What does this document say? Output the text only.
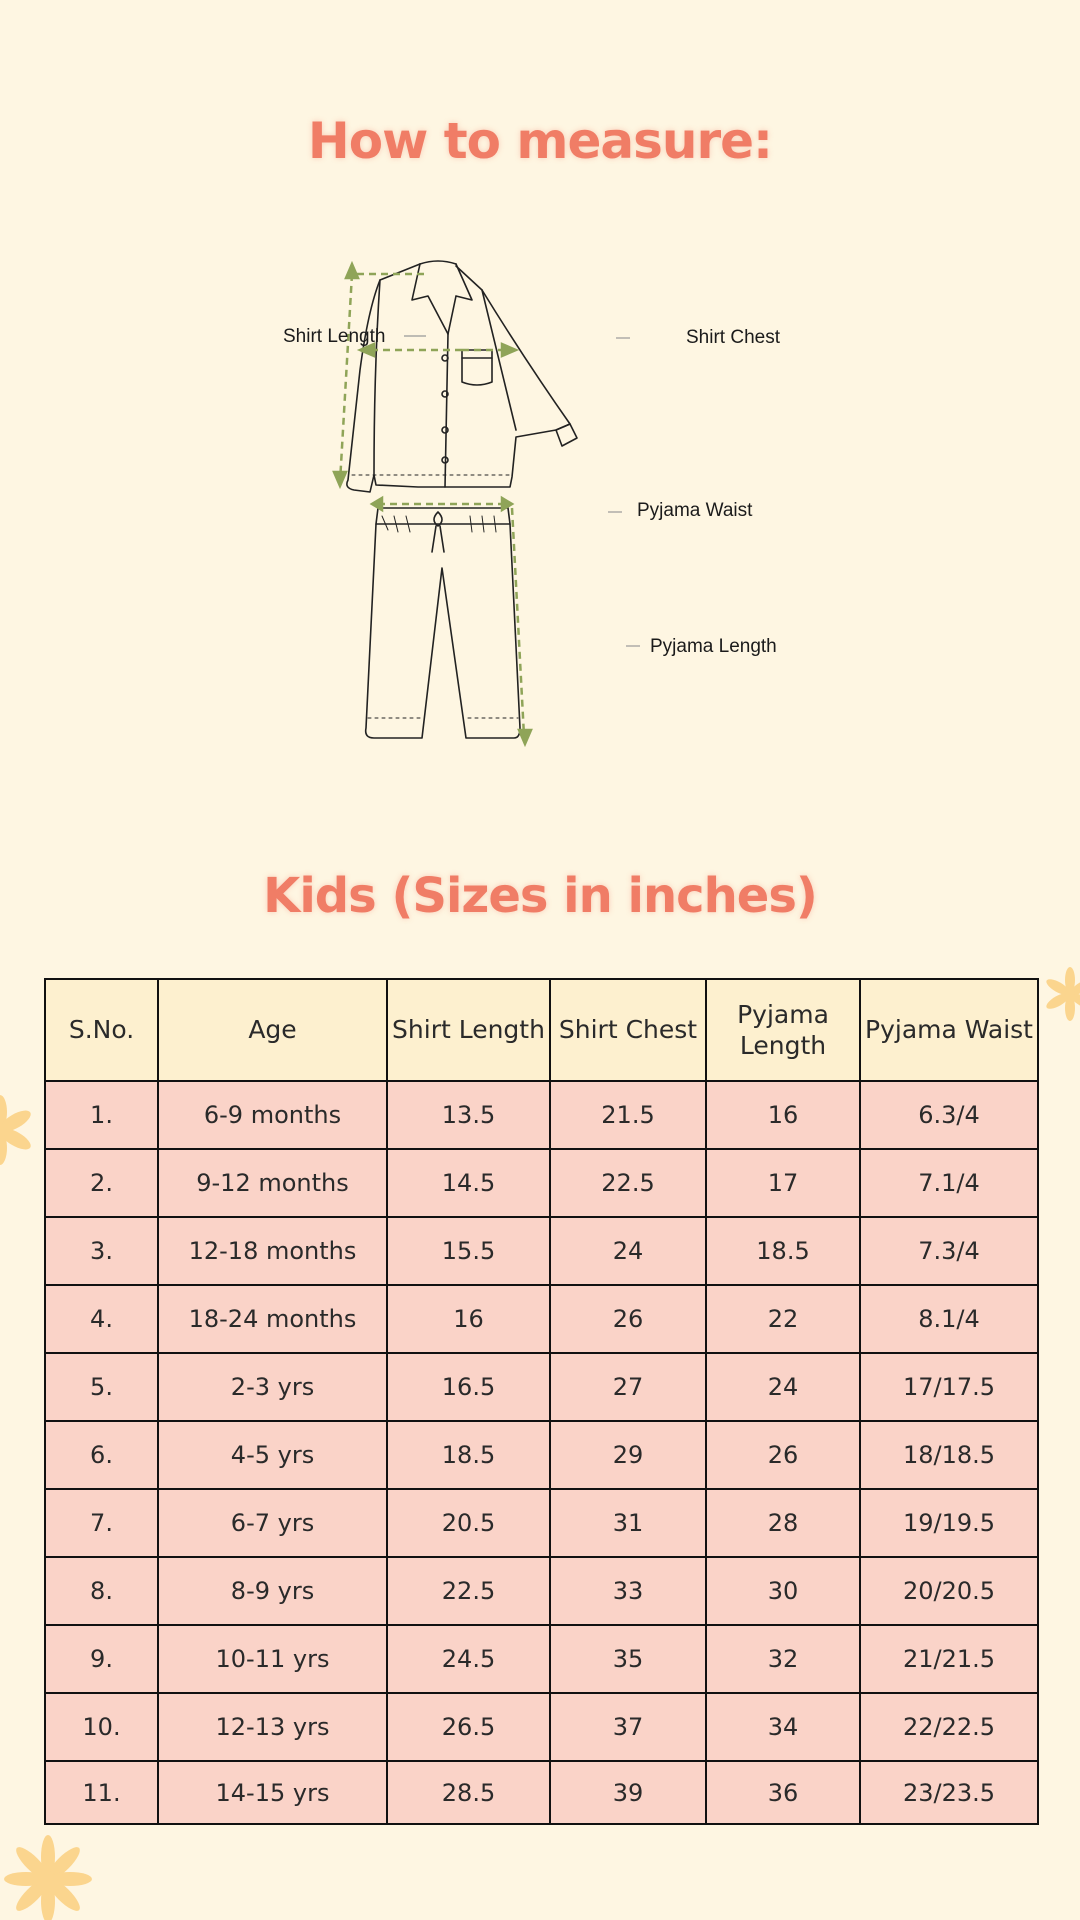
How to measure:
Shirt Length	Shirt Chest
Pyjama Waist
Pyjama Length
Kids (Sizes in inches)
S.No.	Age	Shirt Length	Shirt Chest	Pyjama Length	Pyjama Waist
1.	6-9 months	13.5	21.5	16	6.3/4
2.	9-12 months	14.5	22.5	17	7.1/4
3.	12-18 months	15.5	24	18.5	7.3/4
4.	18-24 months	16	26	22	8.1/4
5.	2-3 yrs	16.5	27	24	17/17.5
6.	4-5 yrs	18.5	29	26	18/18.5
7.	6-7 yrs	20.5	31	28	19/19.5
8.	8-9 yrs	22.5	33	30	20/20.5
9.	10-11 yrs	24.5	35	32	21/21.5
10.	12-13 yrs	26.5	37	34	22/22.5
11.	14-15 yrs	28.5	39	36	23/23.5
